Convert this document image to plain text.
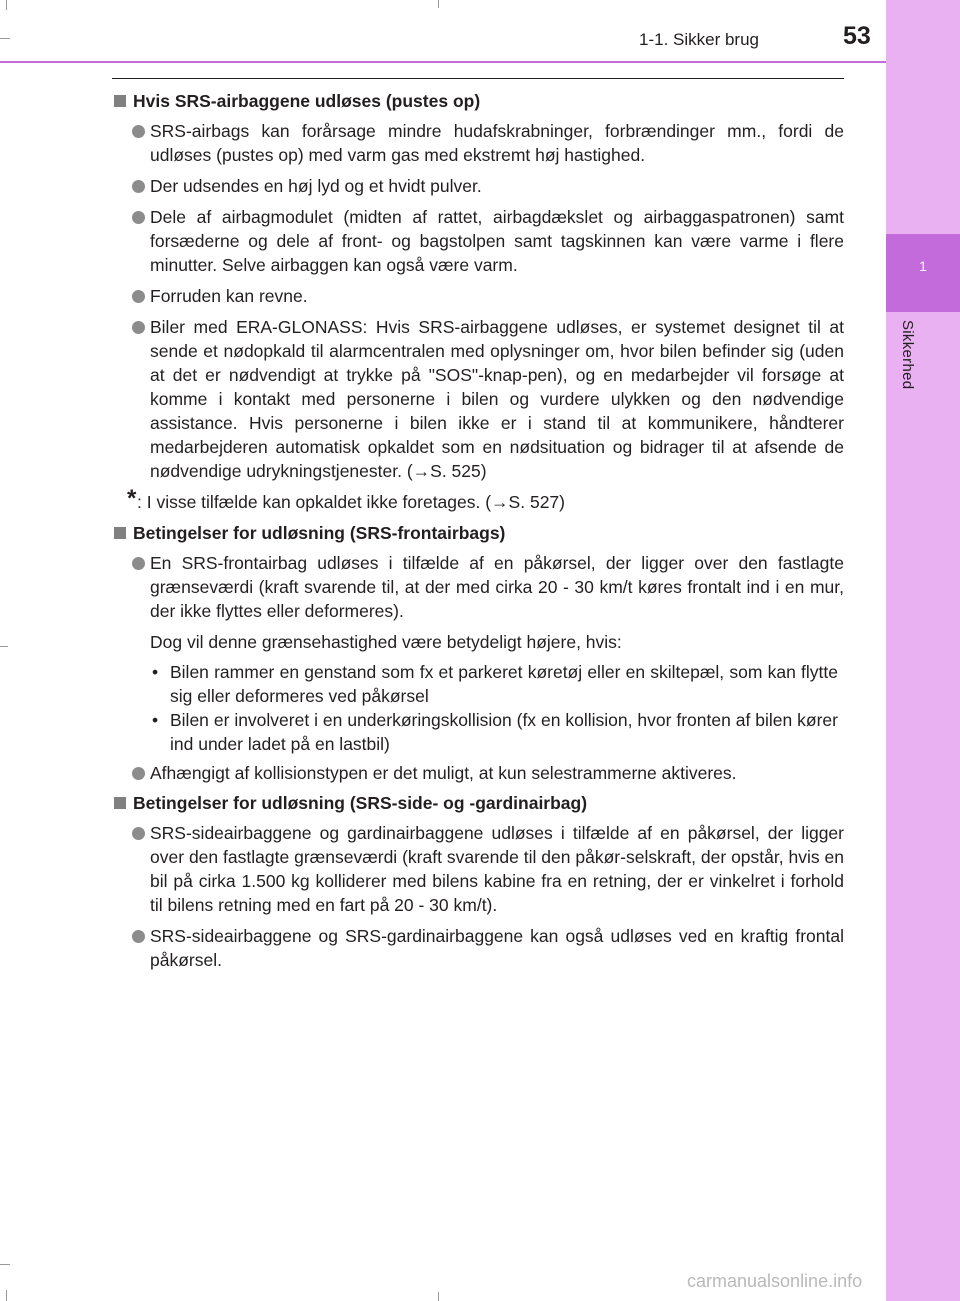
1
Sikkerhed
1-1. Sikker brug	53
Hvis SRS-airbaggene udløses (pustes op)
SRS-airbags kan forårsage mindre hudafskrabninger, forbrændinger mm., fordi de udløses (pustes op) med varm gas med ekstremt høj hastighed.
Der udsendes en høj lyd og et hvidt pulver.
Dele af airbagmodulet (midten af rattet, airbagdækslet og airbaggaspatronen) samt forsæderne og dele af front- og bagstolpen samt tagskinnen kan være varme i flere minutter. Selve airbaggen kan også være varm.
Forruden kan revne.
Biler med ERA-GLONASS: Hvis SRS-airbaggene udløses, er systemet designet til at sende et nødopkald til alarmcentralen med oplysninger om, hvor bilen befinder sig (uden at det er nødvendigt at trykke på "SOS"-knap-pen), og en medarbejder vil forsøge at komme i kontakt med personerne i bilen og vurdere ulykken og den nødvendige assistance. Hvis personerne i bilen ikke er i stand til at kommunikere, håndterer medarbejderen automatisk opkaldet som en nødsituation og bidrager til at afsende de nødvendige udrykningstjenester. (→S. 525)
* : I visse tilfælde kan opkaldet ikke foretages. (→S. 527)
Betingelser for udløsning (SRS-frontairbags)
En SRS-frontairbag udløses i tilfælde af en påkørsel, der ligger over den fastlagte grænseværdi (kraft svarende til, at der med cirka 20 - 30 km/t køres frontalt ind i en mur, der ikke flyttes eller deformeres).
Dog vil denne grænsehastighed være betydeligt højere, hvis:
• Bilen rammer en genstand som fx et parkeret køretøj eller en skiltepæl, som kan flytte sig eller deformeres ved påkørsel
• Bilen er involveret i en underkøringskollision (fx en kollision, hvor fronten af bilen kører ind under ladet på en lastbil)
Afhængigt af kollisionstypen er det muligt, at kun selestrammerne aktiveres.
Betingelser for udløsning (SRS-side- og -gardinairbag)
SRS-sideairbaggene og gardinairbaggene udløses i tilfælde af en påkørsel, der ligger over den fastlagte grænseværdi (kraft svarende til den påkør-selskraft, der opstår, hvis en bil på cirka 1.500 kg kolliderer med bilens kabine fra en retning, der er vinkelret i forhold til bilens retning med en fart på 20 - 30 km/t).
SRS-sideairbaggene og SRS-gardinairbaggene kan også udløses ved en kraftig frontal påkørsel.
carmanualsonline.info
